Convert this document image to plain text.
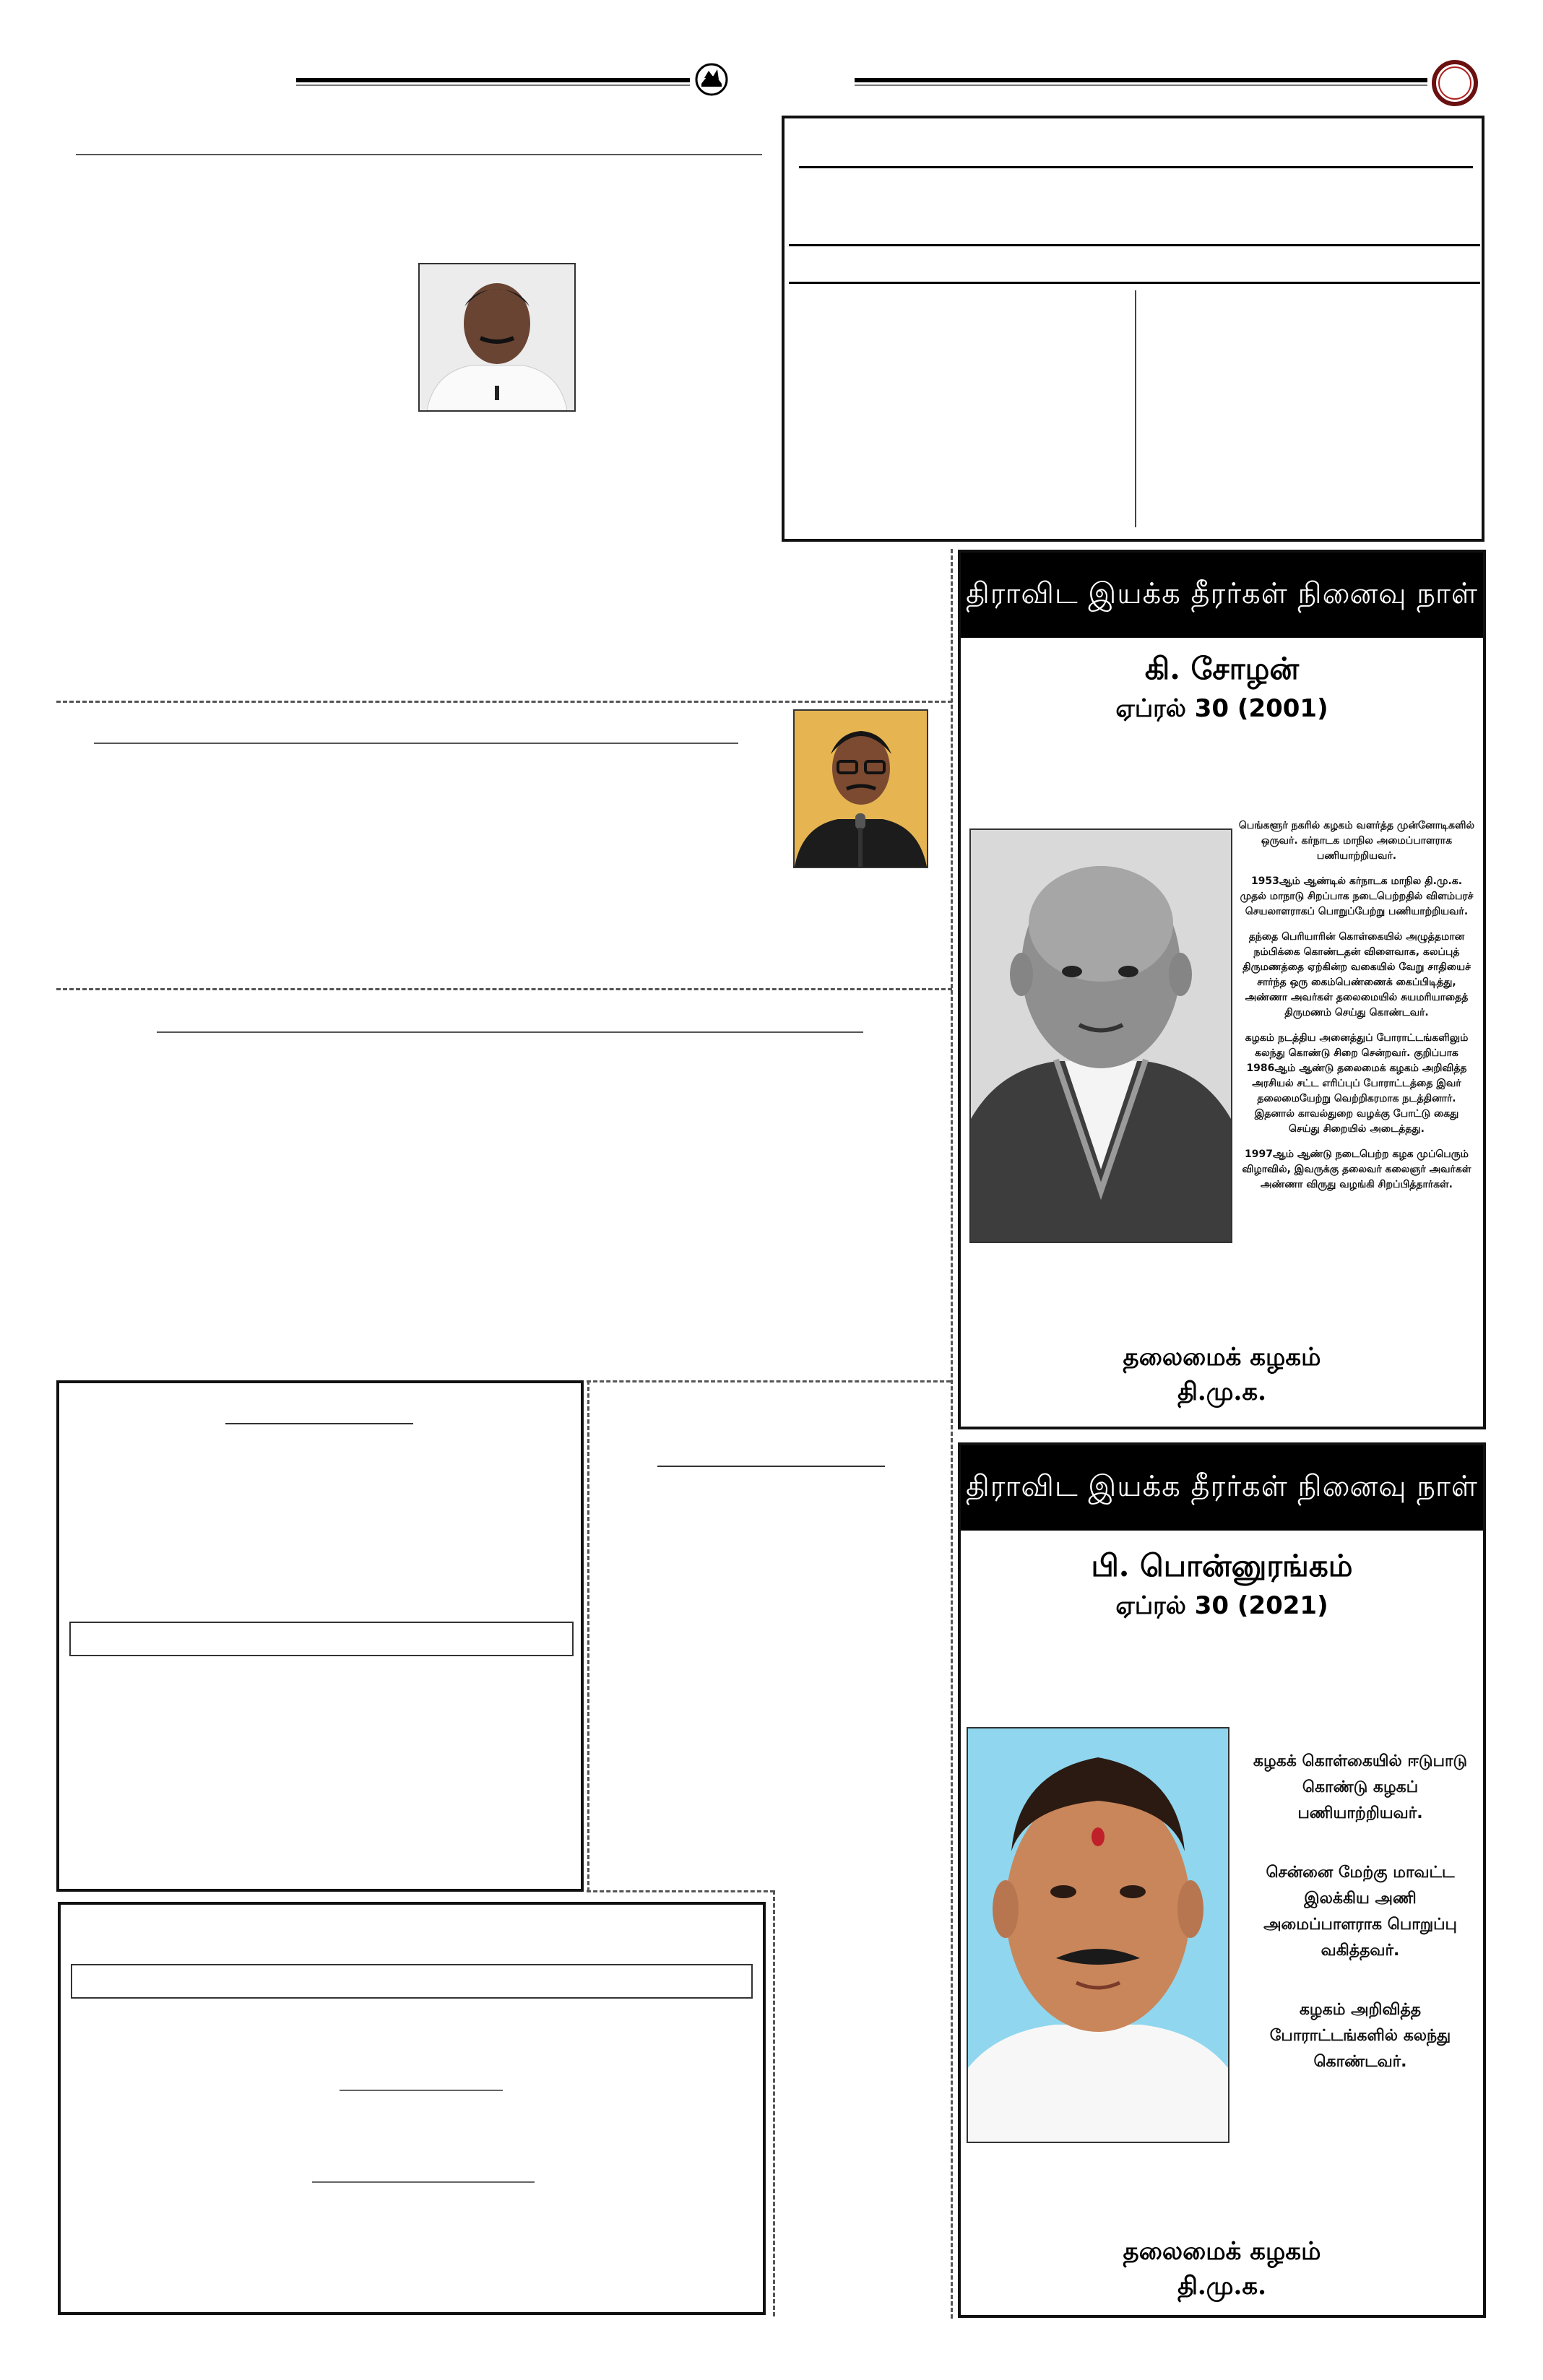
திராவிட இயக்க தீரர்கள் நினைவு நாள்
கி. சோழன்
ஏப்ரல் 30 (2001)

பெங்களூர் நகரில் கழகம் வளர்த்த முன்னோடிகளில் ஒருவர். கர்நாடக மாநில அமைப்பாளராக பணியாற்றியவர்.

1953ஆம் ஆண்டில் கர்நாடக மாநில தி.மு.க. முதல் மாநாடு சிறப்பாக நடைபெற்றதில் விளம்பரச் செயலாளராகப் பொறுப்பேற்று பணியாற்றியவர்.

தந்தை பெரியாரின் கொள்கையில் அழுத்தமான நம்பிக்கை கொண்டதன் விளைவாக, கலப்புத் திருமணத்தை ஏற்கின்ற வகையில் வேறு சாதியைச் சார்ந்த ஒரு கைம்பெண்ணைக் கைப்பிடித்து, அண்ணா அவர்கள் தலைமையில் சுயமரியாதைத் திருமணம் செய்து கொண்டவர்.

கழகம் நடத்திய அனைத்துப் போராட்டங்களிலும் கலந்து கொண்டு சிறை சென்றவர். குறிப்பாக 1986ஆம் ஆண்டு தலைமைக் கழகம் அறிவித்த அரசியல் சட்ட எரிப்புப் போராட்டத்தை இவர் தலைமையேற்று வெற்றிகரமாக நடத்தினார். இதனால் காவல்துறை வழக்கு போட்டு கைது செய்து சிறையில் அடைத்தது.

1997ஆம் ஆண்டு நடைபெற்ற கழக முப்பெரும் விழாவில், இவருக்கு தலைவர் கலைஞர் அவர்கள் அண்ணா விருது வழங்கி சிறப்பித்தார்கள்.

தலைமைக் கழகம்
தி.மு.க.
திராவிட இயக்க தீரர்கள் நினைவு நாள்
பி. பொன்னுரங்கம்
ஏப்ரல் 30 (2021)

கழகக் கொள்கையில் ஈடுபாடு கொண்டு கழகப் பணியாற்றியவர்.

சென்னை மேற்கு மாவட்ட இலக்கிய அணி அமைப்பாளராக பொறுப்பு வகித்தவர்.

கழகம் அறிவித்த போராட்டங்களில் கலந்து கொண்டவர்.

தலைமைக் கழகம்
தி.மு.க.
